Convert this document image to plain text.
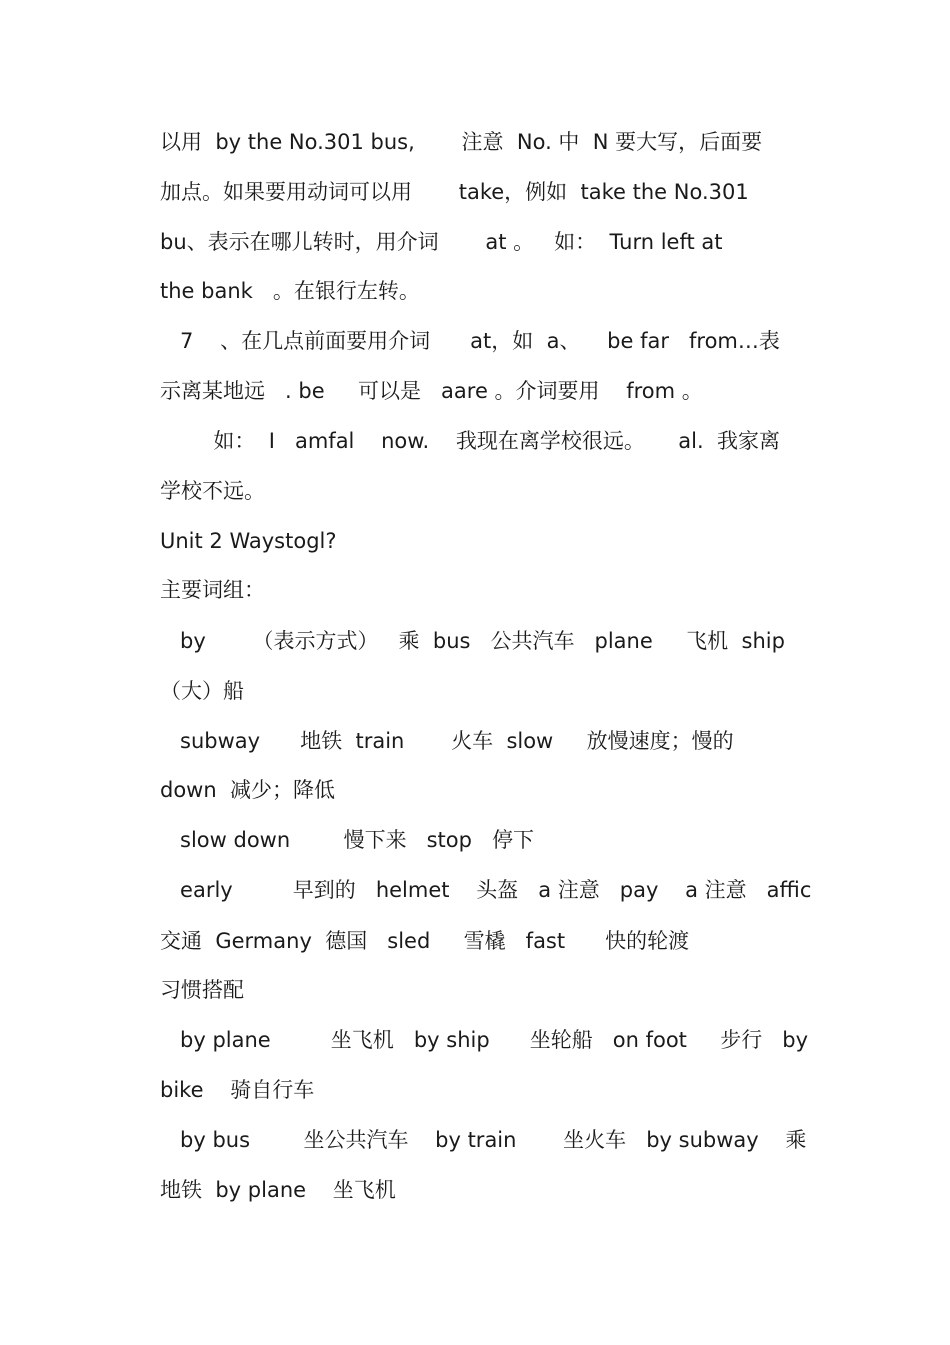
以用  by the No.301 bus,       注意  No. 中  N 要大写，后面要
加点。如果要用动词可以用       take，例如  take the No.301
bu、表示在哪儿转时，用介词       at 。   如：  Turn left at
the bank   。在银行左转。
7    、在几点前面要用介词      at，如  a、    be far   from…表
示离某地远   . be     可以是   aare 。介词要用    from 。
如：  I   amfal    now.    我现在离学校很远。     al.  我家离
学校不远。
Unit 2 Waystogl?
主要词组：
by       （表示方式）   乘  bus   公共汽车   plane     飞机  ship
（大）船
subway      地铁  train       火车  slow     放慢速度；慢的
down  减少；降低
slow down        慢下来   stop   停下
early         早到的   helmet    头盔   a 注意   pay    a 注意   affic
交通  Germany  德国   sled     雪橇   fast      快的轮渡
习惯搭配
by plane         坐飞机   by ship      坐轮船   on foot     步行   by
bike    骑自行车
by bus        坐公共汽车    by train       坐火车   by subway    乘
地铁  by plane    坐飞机
